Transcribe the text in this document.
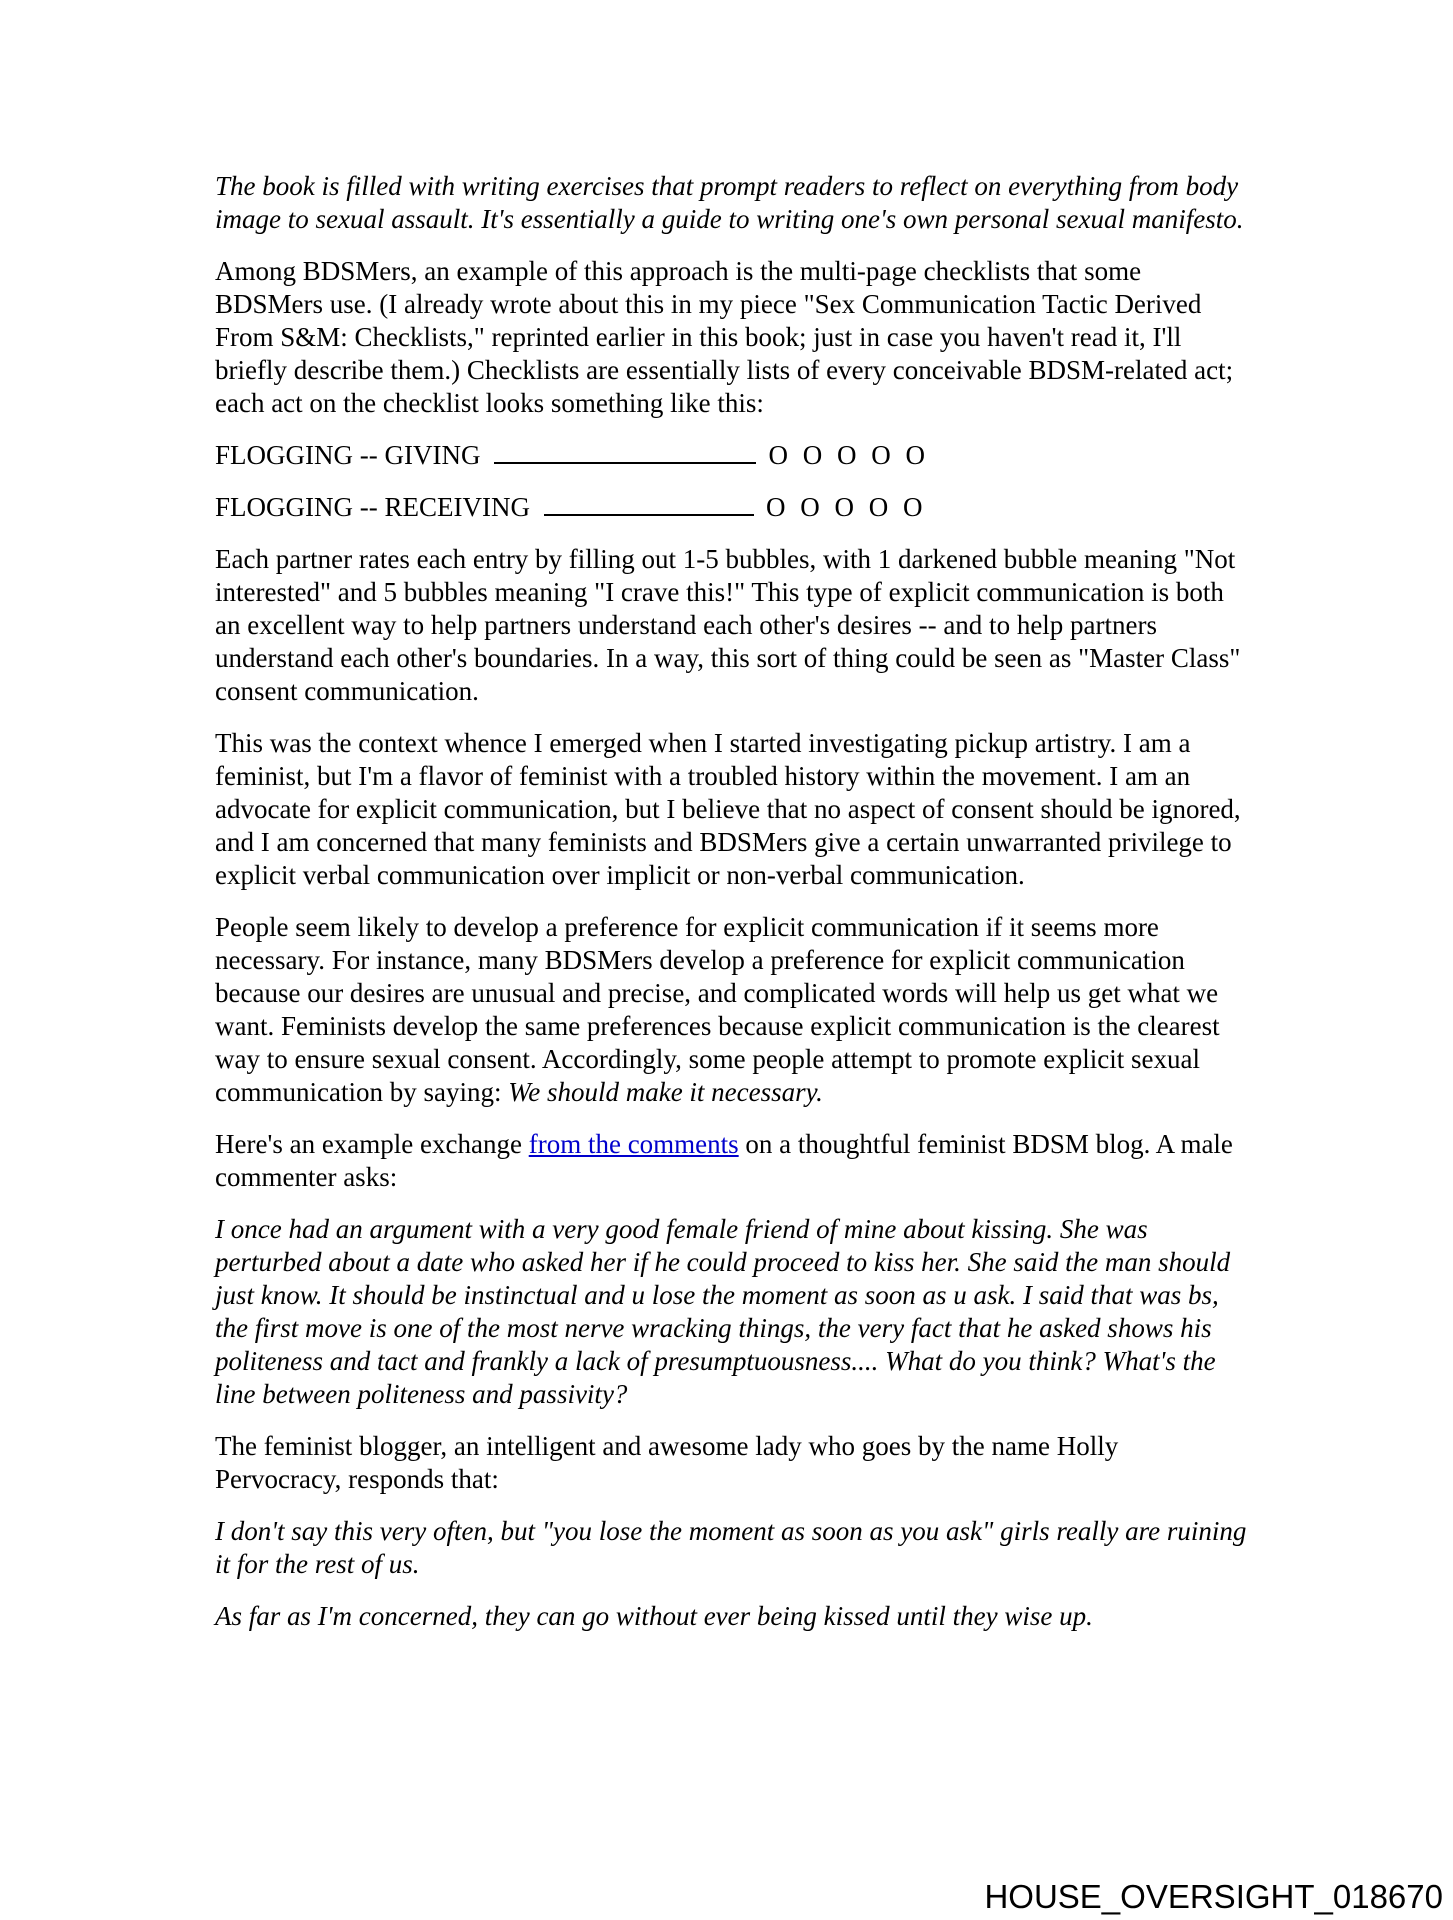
The book is filled with writing exercises that prompt readers to reflect on everything from body image to sexual assault. It's essentially a guide to writing one's own personal sexual manifesto.

Among BDSMers, an example of this approach is the multi-page checklists that some BDSMers use. (I already wrote about this in my piece "Sex Communication Tactic Derived From S&M: Checklists," reprinted earlier in this book; just in case you haven't read it, I'll briefly describe them.) Checklists are essentially lists of every conceivable BDSM-related act; each act on the checklist looks something like this:

FLOGGING -- GIVING	O O O O O
FLOGGING -- RECEIVING	O O O O O

Each partner rates each entry by filling out 1-5 bubbles, with 1 darkened bubble meaning "Not interested" and 5 bubbles meaning "I crave this!" This type of explicit communication is both an excellent way to help partners understand each other's desires -- and to help partners understand each other's boundaries. In a way, this sort of thing could be seen as "Master Class" consent communication.

This was the context whence I emerged when I started investigating pickup artistry. I am a feminist, but I'm a flavor of feminist with a troubled history within the movement. I am an advocate for explicit communication, but I believe that no aspect of consent should be ignored, and I am concerned that many feminists and BDSMers give a certain unwarranted privilege to explicit verbal communication over implicit or non-verbal communication.

People seem likely to develop a preference for explicit communication if it seems more necessary. For instance, many BDSMers develop a preference for explicit communication because our desires are unusual and precise, and complicated words will help us get what we want. Feminists develop the same preferences because explicit communication is the clearest way to ensure sexual consent. Accordingly, some people attempt to promote explicit sexual communication by saying: We should make it necessary.

Here's an example exchange from the comments on a thoughtful feminist BDSM blog. A male commenter asks:

I once had an argument with a very good female friend of mine about kissing. She was perturbed about a date who asked her if he could proceed to kiss her. She said the man should just know. It should be instinctual and u lose the moment as soon as u ask. I said that was bs, the first move is one of the most nerve wracking things, the very fact that he asked shows his politeness and tact and frankly a lack of presumptuousness.... What do you think? What's the line between politeness and passivity?

The feminist blogger, an intelligent and awesome lady who goes by the name Holly Pervocracy, responds that:

I don't say this very often, but "you lose the moment as soon as you ask" girls really are ruining it for the rest of us.

As far as I'm concerned, they can go without ever being kissed until they wise up.

HOUSE_OVERSIGHT_018670
